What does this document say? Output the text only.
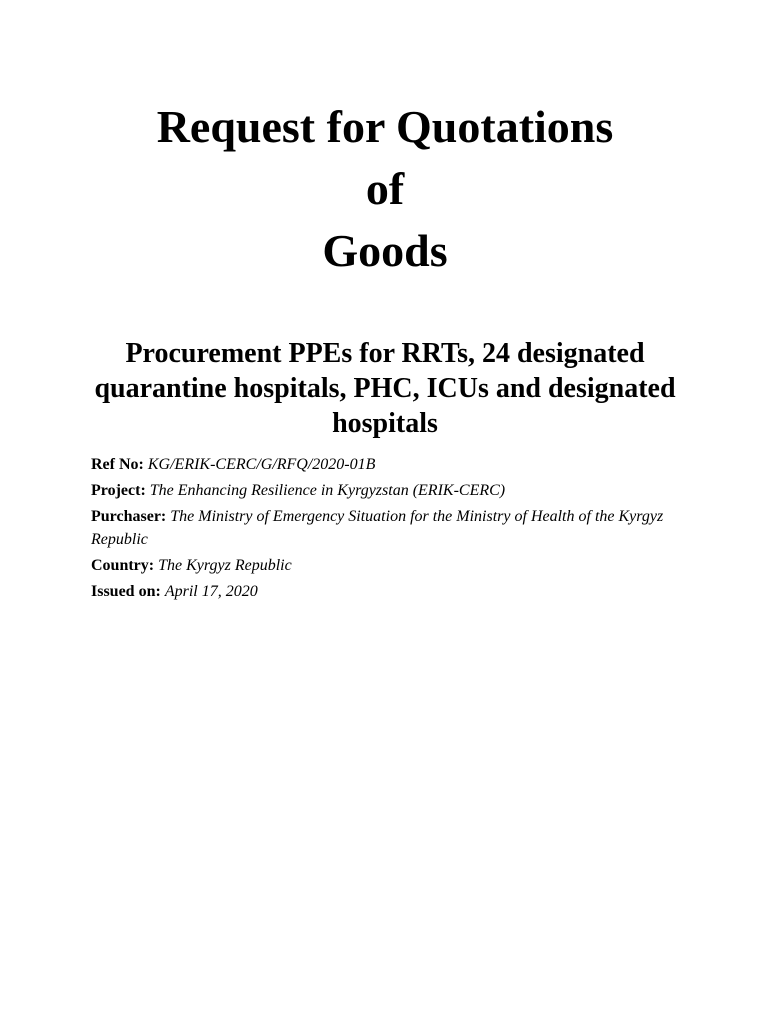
Request for Quotations
of
Goods
Procurement PPEs for RRTs, 24 designated quarantine hospitals, PHC, ICUs and designated hospitals
Ref No: KG/ERIK-CERC/G/RFQ/2020-01B
Project: The Enhancing Resilience in Kyrgyzstan (ERIK-CERC)
Purchaser: The Ministry of Emergency Situation for the Ministry of Health of the Kyrgyz Republic
Country: The Kyrgyz Republic
Issued on: April 17, 2020
